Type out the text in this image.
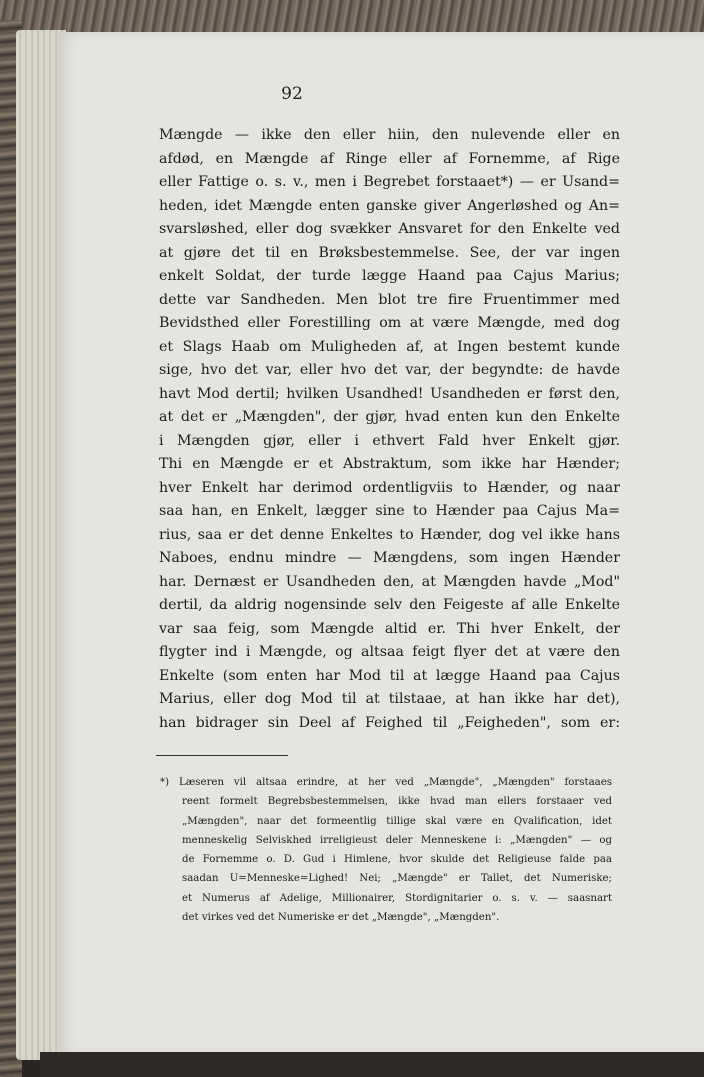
92
Mængde — ikke den eller hiin, den nulevende eller en
afdød, en Mængde af Ringe eller af Fornemme, af Rige
eller Fattige o. s. v., men i Begrebet forstaaet*) — er Usand=
heden, idet Mængde enten ganske giver Angerløshed og An=
svarsløshed, eller dog svækker Ansvaret for den Enkelte ved
at gjøre det til en Brøksbestemmelse. See, der var ingen
enkelt Soldat, der turde lægge Haand paa Cajus Marius;
dette var Sandheden. Men blot tre fire Fruentimmer med
Bevidsthed eller Forestilling om at være Mængde, med dog
et Slags Haab om Muligheden af, at Ingen bestemt kunde
sige, hvo det var, eller hvo det var, der begyndte: de havde
havt Mod dertil; hvilken Usandhed! Usandheden er først den,
at det er „Mængden", der gjør, hvad enten kun den Enkelte
i Mængden gjør, eller i ethvert Fald hver Enkelt gjør.
Thi en Mængde er et Abstraktum, som ikke har Hænder;
hver Enkelt har derimod ordentligviis to Hænder, og naar
saa han, en Enkelt, lægger sine to Hænder paa Cajus Ma=
rius, saa er det denne Enkeltes to Hænder, dog vel ikke hans
Naboes, endnu mindre — Mængdens, som ingen Hænder
har. Dernæst er Usandheden den, at Mængden havde „Mod"
dertil, da aldrig nogensinde selv den Feigeste af alle Enkelte
var saa feig, som Mængde altid er. Thi hver Enkelt, der
flygter ind i Mængde, og altsaa feigt flyer det at være den
Enkelte (som enten har Mod til at lægge Haand paa Cajus
Marius, eller dog Mod til at tilstaae, at han ikke har det),
han bidrager sin Deel af Feighed til „Feigheden", som er:
*) Læseren vil altsaa erindre, at her ved „Mængde", „Mængden" forstaaes
reent formelt Begrebsbestemmelsen, ikke hvad man ellers forstaaer ved
„Mængden", naar det formeentlig tillige skal være en Qvalification, idet
menneskelig Selviskhed irreligieust deler Menneskene i: „Mængden" — og
de Fornemme o. D. Gud i Himlene, hvor skulde det Religieuse falde paa
saadan U=Menneske=Lighed! Nei; „Mængde" er Tallet, det Numeriske;
et Numerus af Adelige, Millionairer, Stordignitarier o. s. v. — saasnart
det virkes ved det Numeriske er det „Mængde", „Mængden".
